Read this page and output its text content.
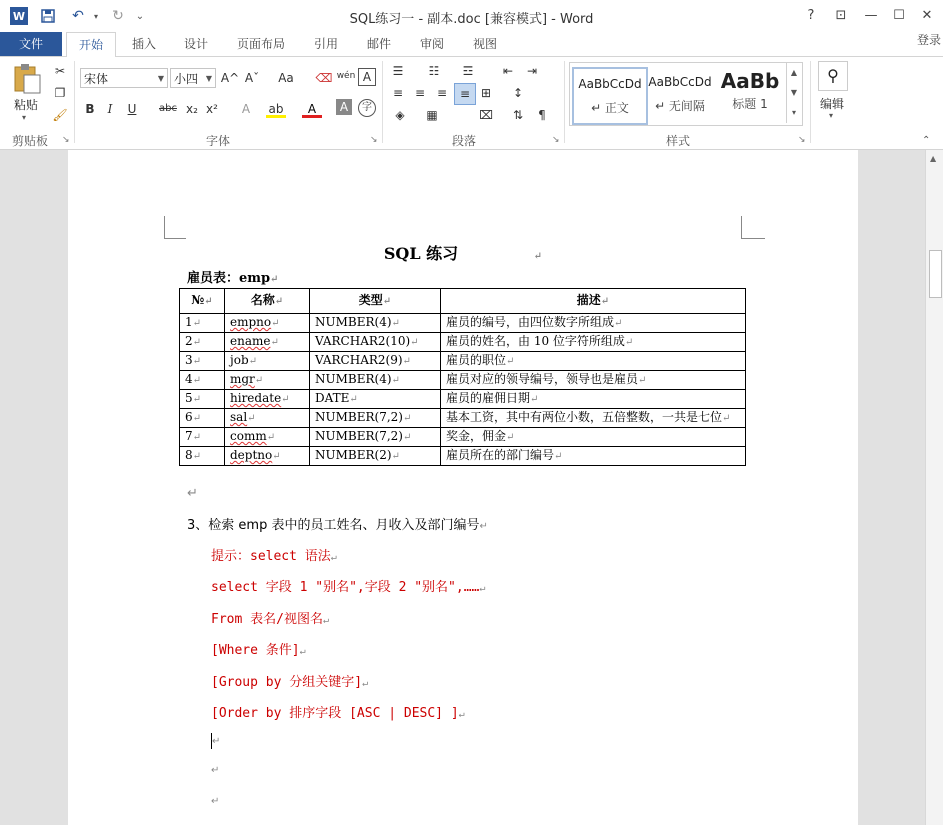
W	↶	▾	↻	⌄	SQL练习一 - 副本.doc [兼容模式] - Word	?	⊡	—	☐	✕
文件	开始	插入	设计	页面布局	引用	邮件	审阅	视图	登录
粘贴
▾
✂
❐
🖌
剪贴板 ↘
宋体	▼ 小四 ▼ A^ Aˇ	Aa	⌫ wén A
B	I	U	abc x₂ x²	A	ab	A	A	字
字体	↘
☰	☷	☲	⇤	⇥
≡ ≡ ≡	≡ ⊞	↕
◈	▦	⌧	⇅	¶
段落	↘
AaBbCcDd
↵ 正文
AaBbCcDd
↵ 无间隔
AaBb
标题 1
▲
▼
▾
样式	↘
⚲
编辑
▾
⌃
SQL 练习	↵
雇员表：emp↵
№↵	名称↵	类型↵	描述↵
1↵	empno↵	NUMBER(4)↵	雇员的编号，由四位数字所组成↵
2↵	ename↵	VARCHAR2(10)↵	雇员的姓名，由 10 位字符所组成↵
3↵	job↵	VARCHAR2(9)↵	雇员的职位↵
4↵	mgr↵	NUMBER(4)↵	雇员对应的领导编号，领导也是雇员↵
5↵	hiredate↵	DATE↵	雇员的雇佣日期↵
6↵	sal↵	NUMBER(7,2)↵	基本工资，其中有两位小数，五倍整数，一共是七位↵
7↵	comm↵	NUMBER(7,2)↵	奖金，佣金↵
8↵	deptno↵	NUMBER(2)↵	雇员所在的部门编号↵
↵
3、检索 emp 表中的员工姓名、月收入及部门编号↵
提示：select 语法↵
select 字段 1 "别名",字段 2 "别名",……↵
From 表名/视图名↵
[Where 条件]↵
[Group by 分组关键字]↵
[Order by 排序字段 [ASC | DESC] ]↵
↵
↵
↵
▲
